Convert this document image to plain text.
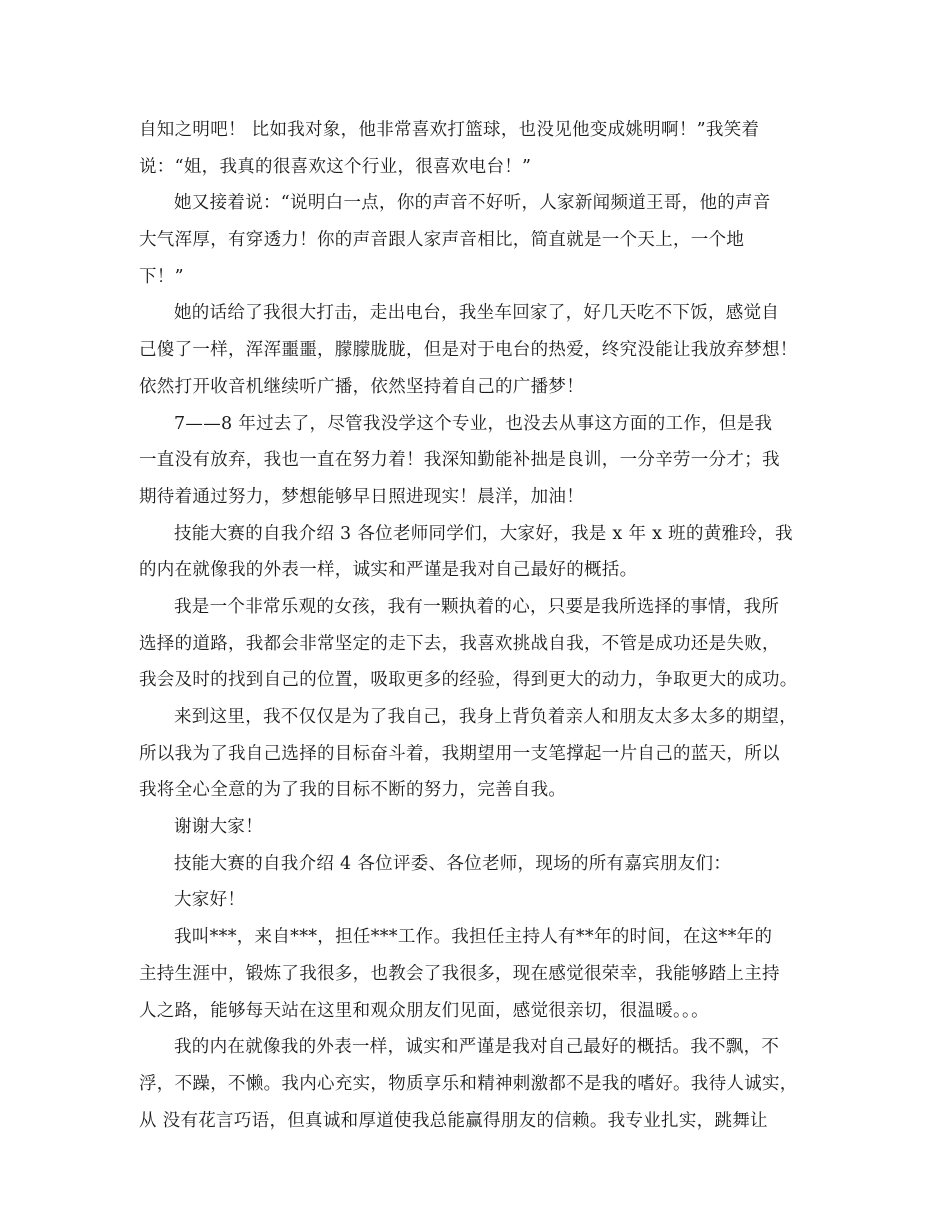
自知之明吧！ 比如我对象，他非常喜欢打篮球，也没见他变成姚明啊！”我笑着
说：“姐，我真的很喜欢这个行业，很喜欢电台！”
她又接着说：“说明白一点，你的声音不好听，人家新闻频道王哥，他的声音
大气浑厚，有穿透力！你的声音跟人家声音相比，简直就是一个天上，一个地
下！”
她的话给了我很大打击，走出电台，我坐车回家了，好几天吃不下饭，感觉自
己傻了一样，浑浑噩噩，朦朦胧胧，但是对于电台的热爱，终究没能让我放弃梦想！
依然打开收音机继续听广播，依然坚持着自己的广播梦！
7——8 年过去了，尽管我没学这个专业，也没去从事这方面的工作，但是我
一直没有放弃，我也一直在努力着！我深知勤能补拙是良训，一分辛劳一分才；我
期待着通过努力，梦想能够早日照进现实！晨洋，加油！
技能大赛的自我介绍 3 各位老师同学们，大家好，我是 x 年 x 班的黄雅玲，我
的内在就像我的外表一样，诚实和严谨是我对自己最好的概括。
我是一个非常乐观的女孩，我有一颗执着的心，只要是我所选择的事情，我所
选择的道路，我都会非常坚定的走下去，我喜欢挑战自我，不管是成功还是失败，
我会及时的找到自己的位置，吸取更多的经验，得到更大的动力，争取更大的成功。
来到这里，我不仅仅是为了我自己，我身上背负着亲人和朋友太多太多的期望，
所以我为了我自己选择的目标奋斗着，我期望用一支笔撑起一片自己的蓝天，所以
我将全心全意的为了我的目标不断的努力，完善自我。
谢谢大家！
技能大赛的自我介绍 4 各位评委、各位老师，现场的所有嘉宾朋友们：
大家好！
我叫***，来自***，担任***工作。我担任主持人有**年的时间，在这**年的
主持生涯中，锻炼了我很多，也教会了我很多，现在感觉很荣幸，我能够踏上主持
人之路，能够每天站在这里和观众朋友们见面，感觉很亲切，很温暖。。。
我的内在就像我的外表一样，诚实和严谨是我对自己最好的概括。我不飘，不
浮，不躁，不懒。我内心充实，物质享乐和精神刺激都不是我的嗜好。我待人诚实，
从 没有花言巧语，但真诚和厚道使我总能赢得朋友的信赖。我专业扎实，跳舞让
